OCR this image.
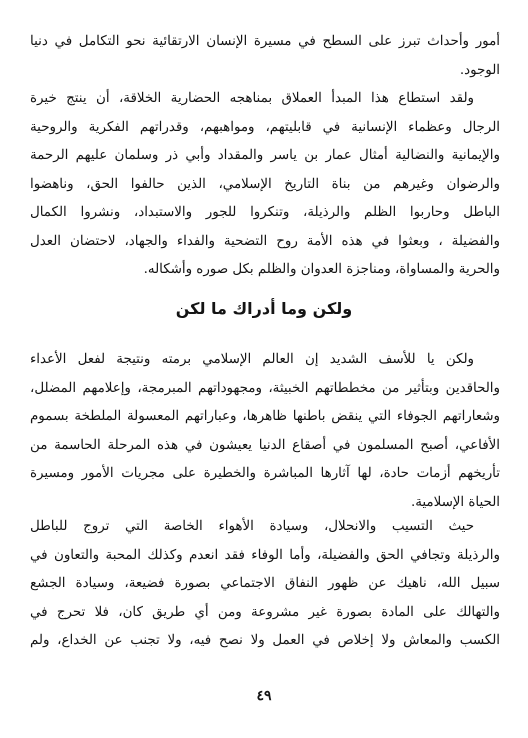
أمور وأحداث تبرز على السطح في مسيرة الإنسان الارتقائية نحو التكامل في دنيا
الوجود.
ولقد استطاع هذا المبدأ العملاق بمناهجه الحضارية الخلاقة، أن ينتج خيرة
الرجال وعظماء الإنسانية في قابليتهم، ومواهبهم، وقدراتهم الفكرية والروحية
والإيمانية والنضالية أمثال عمار بن ياسر والمقداد وأبي ذر وسلمان عليهم الرحمة
والرضوان وغيرهم من بناة التاريخ الإسلامي، الذين حالفوا الحق، وناهضوا
الباطل وحاربوا الظلم والرذيلة، وتنكروا للجور والاستبداد، ونشروا الكمال
والفضيلة ، وبعثوا في هذه الأمة روح التضحية والفداء والجهاد، لاحتضان العدل
والحرية والمساواة، ومناجزة العدوان والظلم بكل صوره وأشكاله.
ولكن وما أدراك ما لكن
ولكن يا للأسف الشديد إن العالم الإسلامي برمته ونتيجة لفعل الأعداء
والحاقدين وبتأثير من مخططاتهم الخبيثة، ومجهوداتهم المبرمجة، وإعلامهم المضلل،
وشعاراتهم الجوفاء التي ينقض باطنها ظاهرها، وعباراتهم المعسولة الملطخة بسموم
الأفاعي، أصبح المسلمون في أصقاع الدنيا يعيشون في هذه المرحلة الحاسمة من
تأريخهم أزمات حادة، لها آثارها المباشرة والخطيرة على مجريات الأمور ومسيرة
الحياة الإسلامية.
حيث التسيب والانحلال، وسيادة الأهواء الخاصة التي تروج للباطل
والرذيلة وتجافي الحق والفضيلة، وأما الوفاء فقد انعدم وكذلك المحبة والتعاون في
سبيل الله، ناهيك عن ظهور النفاق الاجتماعي بصورة فضيعة، وسيادة الجشع
والتهالك على المادة بصورة غير مشروعة ومن أي طريق كان، فلا تحرج في
الكسب والمعاش ولا إخلاص في العمل ولا نصح فيه، ولا تجنب عن الخداع، ولم
٤٩
